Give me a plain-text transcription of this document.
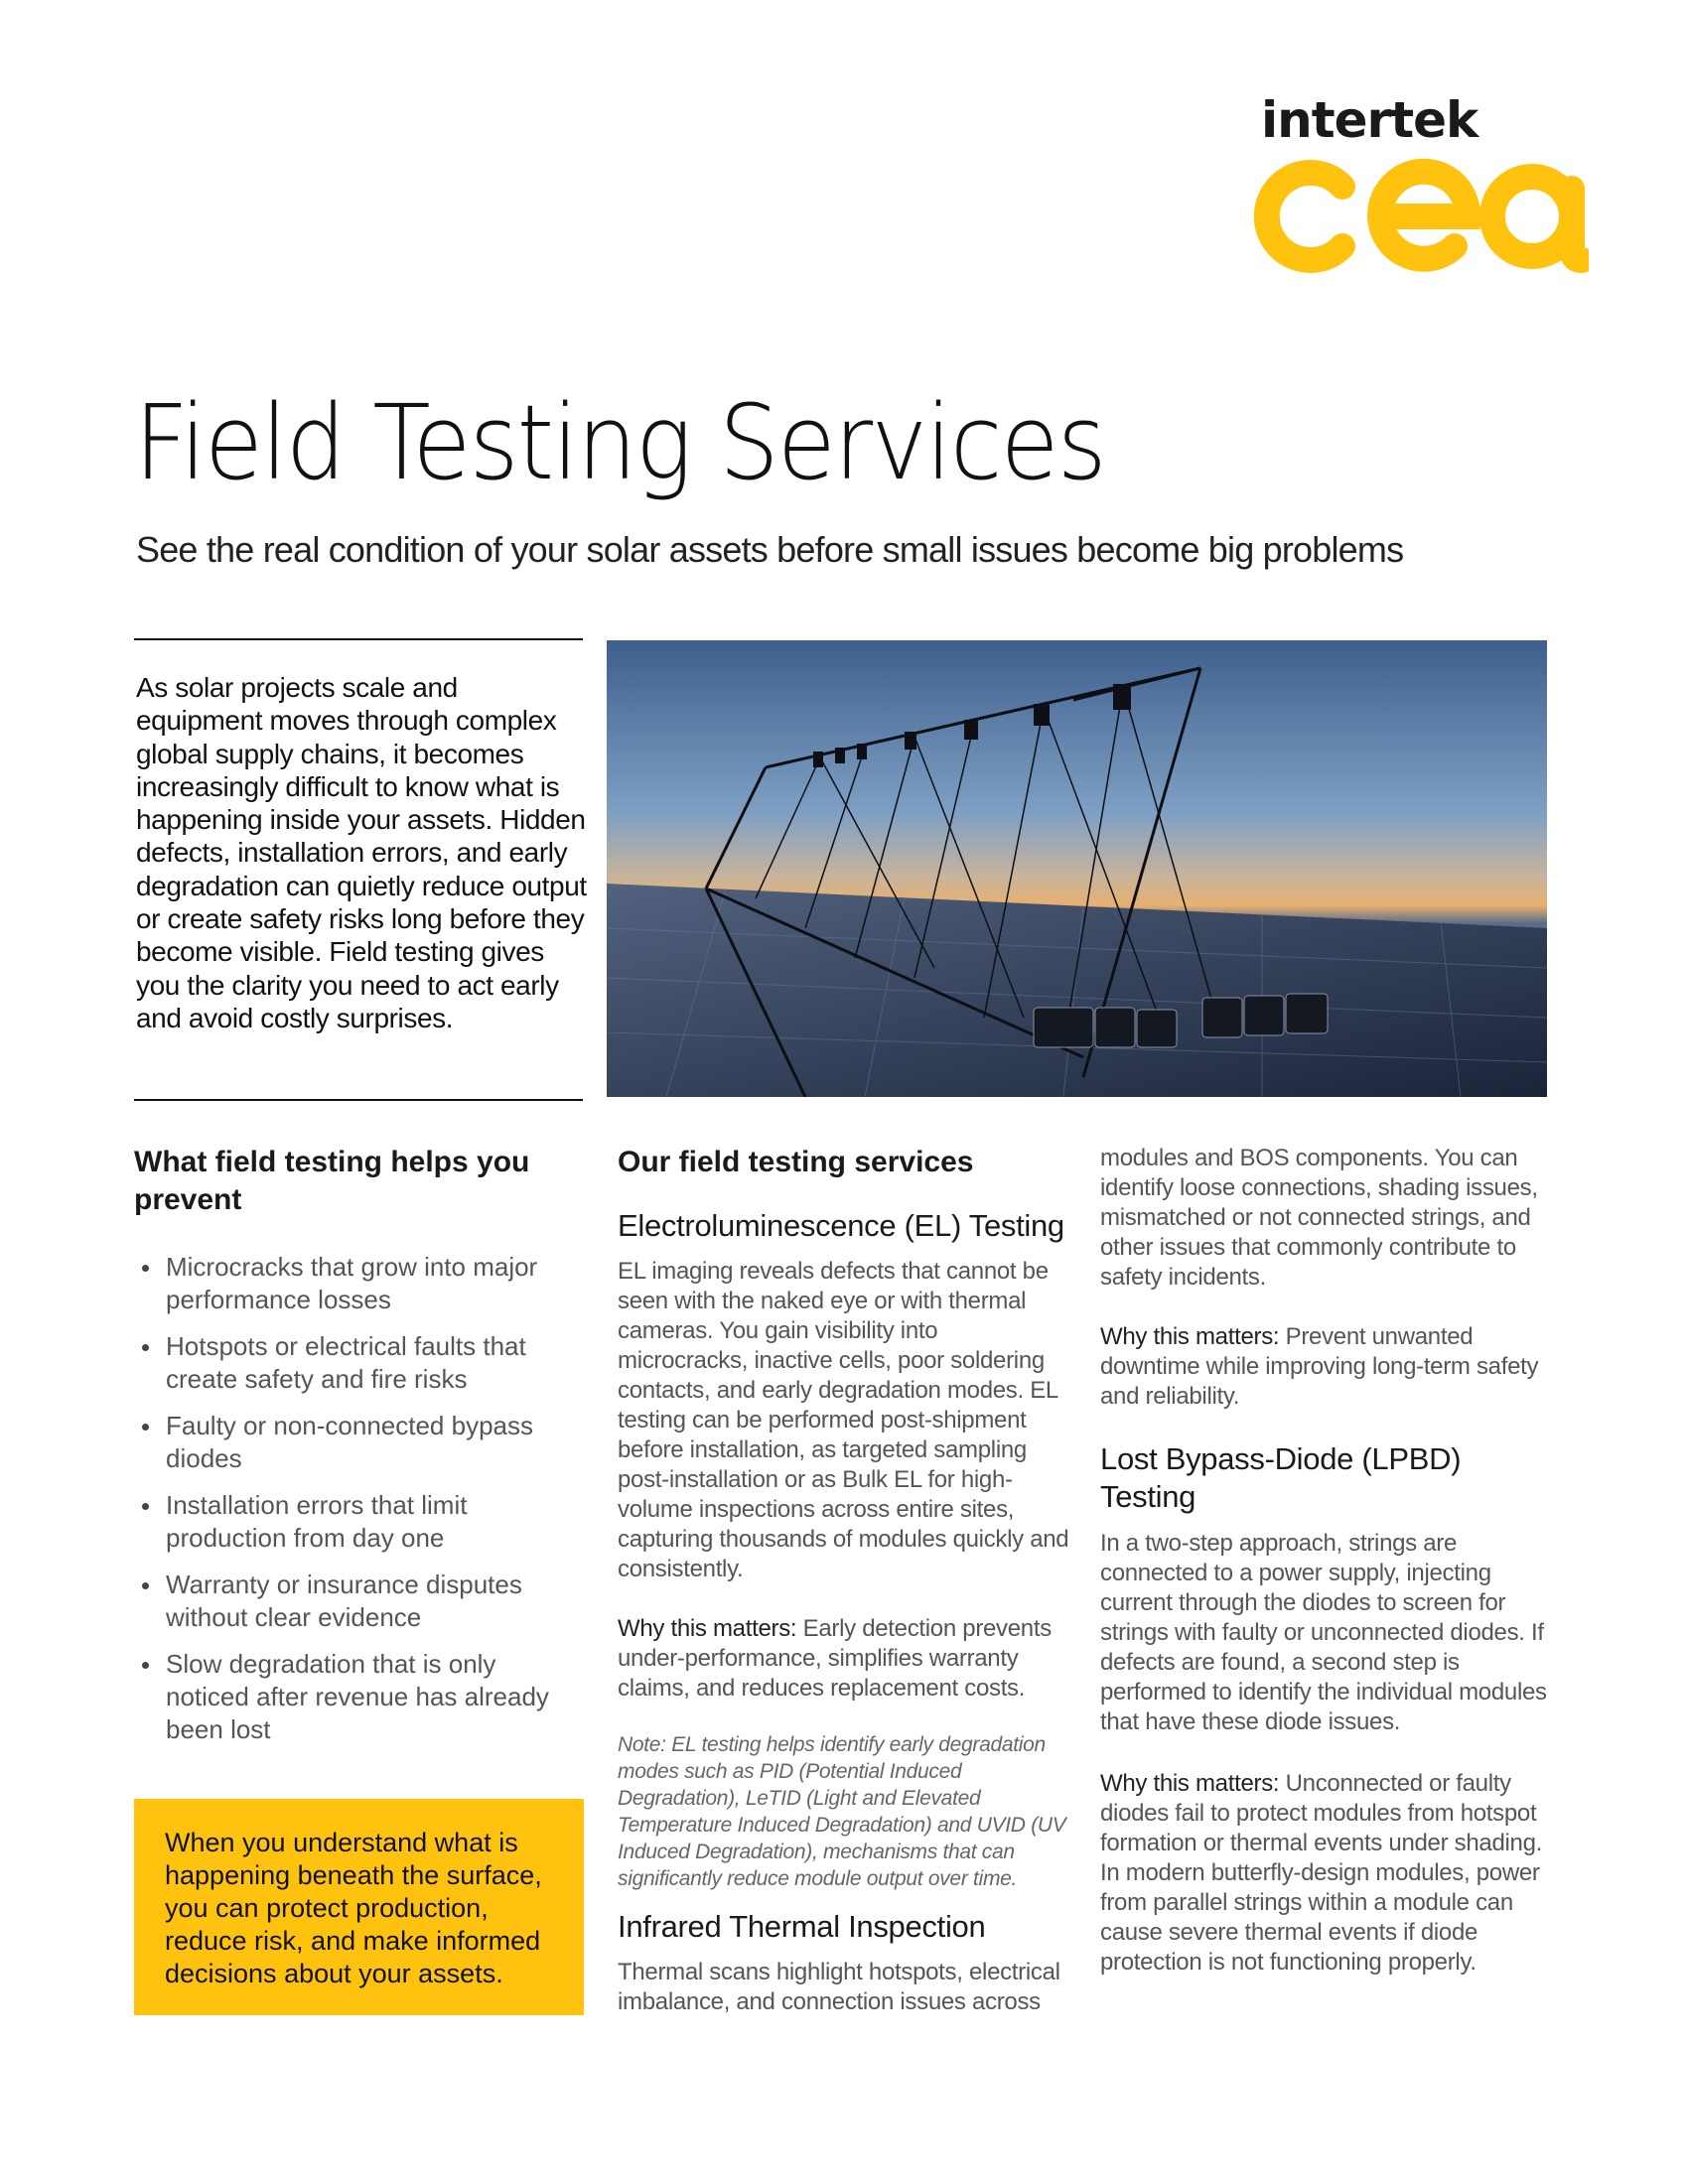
intertek
Field Testing Services
See the real condition of your solar assets before small issues become big problems
As solar projects scale and equipment moves through complex global supply chains, it becomes increasingly difficult to know what is happening inside your assets. Hidden defects, installation errors, and early degradation can quietly reduce output or create safety risks long before they become visible. Field testing gives you the clarity you need to act early and avoid costly surprises.
What field testing helps you prevent
Microcracks that grow into major performance losses
Hotspots or electrical faults that create safety and fire risks
Faulty or non-connected bypass diodes
Installation errors that limit production from day one
Warranty or insurance disputes without clear evidence
Slow degradation that is only noticed after revenue has already been lost
When you understand what is happening beneath the surface, you can protect production, reduce risk, and make informed decisions about your assets.
Our field testing services
Electroluminescence (EL) Testing
EL imaging reveals defects that cannot be seen with the naked eye or with thermal cameras. You gain visibility into microcracks, inactive cells, poor soldering contacts, and early degradation modes. EL testing can be performed post-shipment before installation, as targeted sampling post-installation or as Bulk EL for high-volume inspections across entire sites, capturing thousands of modules quickly and consistently.
Why this matters: Early detection prevents under-performance, simplifies warranty claims, and reduces replacement costs.
Note: EL testing helps identify early degradation modes such as PID (Potential Induced Degradation), LeTID (Light and Elevated Temperature Induced Degradation) and UVID (UV Induced Degradation), mechanisms that can significantly reduce module output over time.
Infrared Thermal Inspection
Thermal scans highlight hotspots, electrical imbalance, and connection issues across
modules and BOS components. You can identify loose connections, shading issues, mismatched or not connected strings, and other issues that commonly contribute to safety incidents.
Why this matters: Prevent unwanted downtime while improving long-term safety and reliability.
Lost Bypass-Diode (LPBD) Testing
In a two-step approach, strings are connected to a power supply, injecting current through the diodes to screen for strings with faulty or unconnected diodes. If defects are found, a second step is performed to identify the individual modules that have these diode issues.
Why this matters: Unconnected or faulty diodes fail to protect modules from hotspot formation or thermal events under shading. In modern butterfly-design modules, power from parallel strings within a module can cause severe thermal events if diode protection is not functioning properly.
